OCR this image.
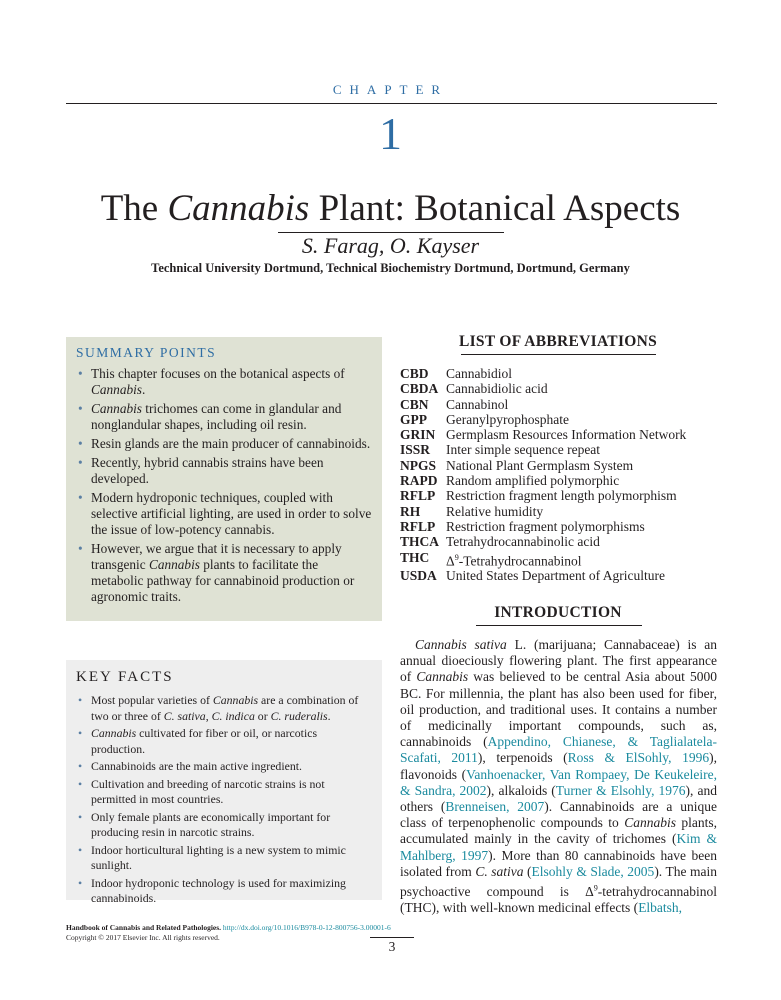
CHAPTER
1
The Cannabis Plant: Botanical Aspects
S. Farag, O. Kayser
Technical University Dortmund, Technical Biochemistry Dortmund, Dortmund, Germany
SUMMARY POINTS
• This chapter focuses on the botanical aspects of Cannabis.
• Cannabis trichomes can come in glandular and nonglandular shapes, including oil resin.
• Resin glands are the main producer of cannabinoids.
• Recently, hybrid cannabis strains have been developed.
• Modern hydroponic techniques, coupled with selective artificial lighting, are used in order to solve the issue of low-potency cannabis.
• However, we argue that it is necessary to apply transgenic Cannabis plants to facilitate the metabolic pathway for cannabinoid production or agronomic traits.
KEY FACTS
• Most popular varieties of Cannabis are a combination of two or three of C. sativa, C. indica or C. ruderalis.
• Cannabis cultivated for fiber or oil, or narcotics production.
• Cannabinoids are the main active ingredient.
• Cultivation and breeding of narcotic strains is not permitted in most countries.
• Only female plants are economically important for producing resin in narcotic strains.
• Indoor horticultural lighting is a new system to mimic sunlight.
• Indoor hydroponic technology is used for maximizing cannabinoids.
LIST OF ABBREVIATIONS
CBD	Cannabidiol
CBDA Cannabidiolic acid
CBN	Cannabinol
GPP	Geranylpyrophosphate
GRIN Germplasm Resources Information Network
ISSR	Inter simple sequence repeat
NPGS National Plant Germplasm System
RAPD Random amplified polymorphic
RFLP Restriction fragment length polymorphism
RH	Relative humidity
RFLP Restriction fragment polymorphisms
THCA Tetrahydrocannabinolic acid
THC	$\Delta^9$-Tetrahydrocannabinol
USDA United States Department of Agriculture
INTRODUCTION

Cannabis sativa L. (marijuana; Cannabaceae) is an annual dioeciously flowering plant. The first appearance of Cannabis was believed to be central Asia about 5000 BC. For millennia, the plant has also been used for fiber, oil production, and traditional uses. It contains a number of medicinally important compounds, such as, cannabinoids (Appendino, Chianese, & Taglialatela-Scafati, 2011), terpenoids (Ross & ElSohly, 1996), flavonoids (Vanhoenacker, Van Rompaey, De Keukeleire, & Sandra, 2002), alkaloids (Turner & Elsohly, 1976), and others (Brenneisen, 2007). Cannabinoids are a unique class of terpenophenolic compounds to Cannabis plants, accumulated mainly in the cavity of trichomes (Kim & Mahlberg, 1997). More than 80 cannabinoids have been isolated from C. sativa (Elsohly & Slade, 2005). The main psychoactive compound is $\Delta^9$-tetrahydrocannabinol (THC), with well-known medicinal effects (Elbatsh,

Handbook of Cannabis and Related Pathologies. http://dx.doi.org/10.1016/B978-0-12-800756-3.00001-6
Copyright © 2017 Elsevier Inc. All rights reserved.
3
